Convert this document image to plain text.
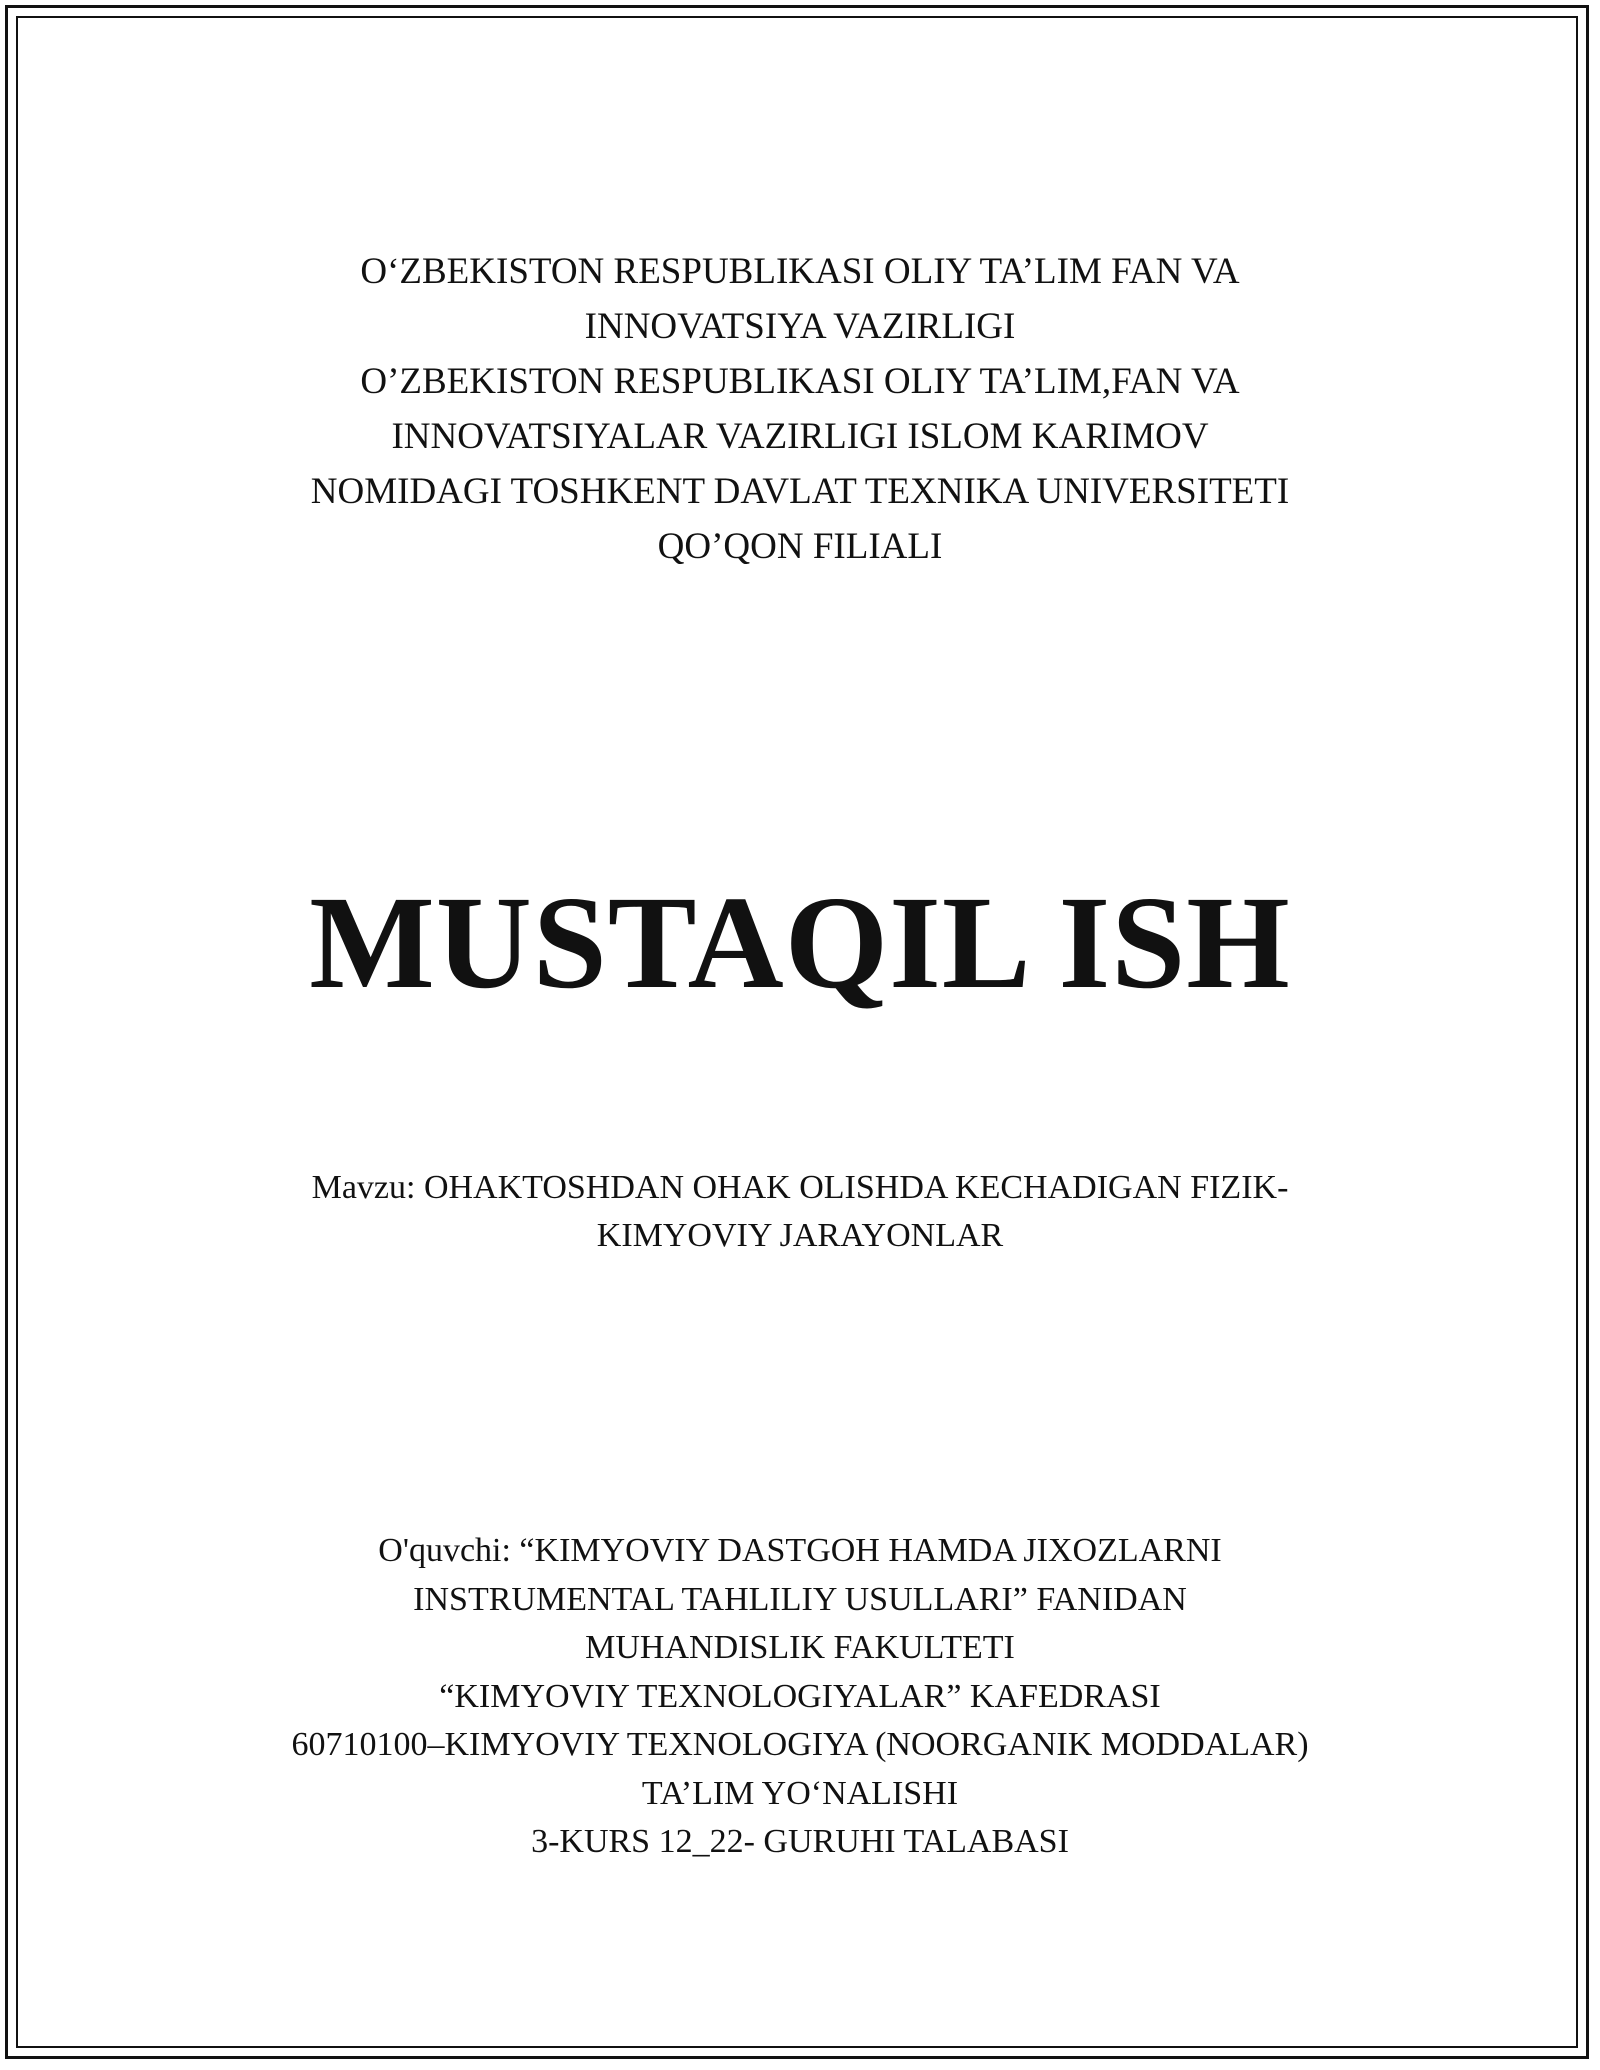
O‘ZBEKISTON RESPUBLIKASI OLIY TA’LIM FAN VA
INNOVATSIYA VAZIRLIGI
O’ZBEKISTON RESPUBLIKASI OLIY TA’LIM,FAN VA
INNOVATSIYALAR VAZIRLIGI ISLOM KARIMOV
NOMIDAGI TOSHKENT DAVLAT TEXNIKA UNIVERSITETI
QO’QON FILIALI
MUSTAQIL ISH
Mavzu: OHAKTOSHDAN OHAK OLISHDA KECHADIGAN FIZIK-
KIMYOVIY JARAYONLAR
O'quvchi: “KIMYOVIY DASTGOH HAMDA JIXOZLARNI
INSTRUMENTAL TAHLILIY USULLARI” FANIDAN
MUHANDISLIK FAKULTETI
“KIMYOVIY TEXNOLOGIYALAR” KAFEDRASI
60710100–KIMYOVIY TEXNOLOGIYA (NOORGANIK MODDALAR)
TA’LIM YO‘NALISHI
3-KURS 12_22- GURUHI TALABASI
